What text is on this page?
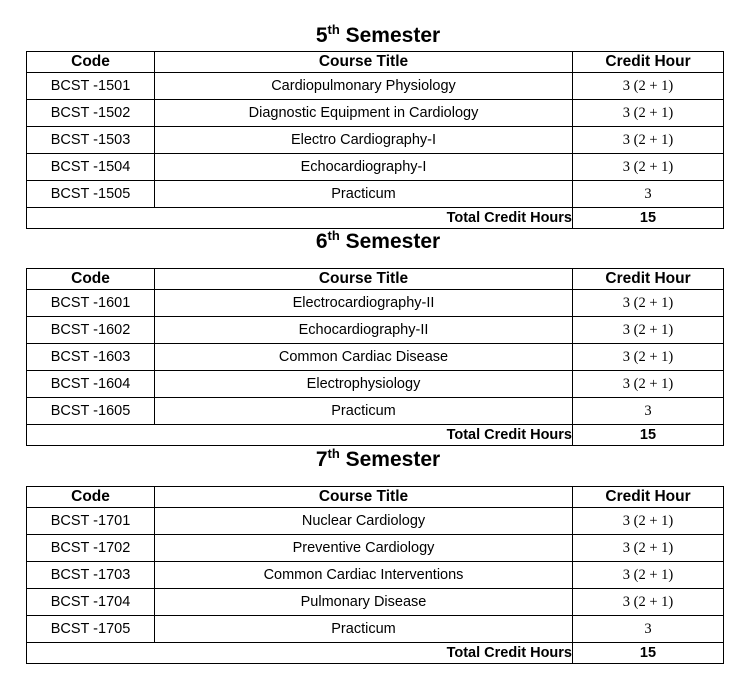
5th Semester
Code	Course Title	Credit Hour
BCST -1501	Cardiopulmonary Physiology	3 (2 + 1)
BCST -1502	Diagnostic Equipment in Cardiology	3 (2 + 1)
BCST -1503	Electro Cardiography-I	3 (2 + 1)
BCST -1504	Echocardiography-I	3 (2 + 1)
BCST -1505	Practicum	3
Total Credit Hours		15
6th Semester
Code	Course Title	Credit Hour
BCST -1601	Electrocardiography-II	3 (2 + 1)
BCST -1602	Echocardiography-II	3 (2 + 1)
BCST -1603	Common Cardiac Disease	3 (2 + 1)
BCST -1604	Electrophysiology	3 (2 + 1)
BCST -1605	Practicum	3
Total Credit Hours		15
7th Semester
Code	Course Title	Credit Hour
BCST -1701	Nuclear Cardiology	3 (2 + 1)
BCST -1702	Preventive Cardiology	3 (2 + 1)
BCST -1703	Common Cardiac Interventions	3 (2 + 1)
BCST -1704	Pulmonary Disease	3 (2 + 1)
BCST -1705	Practicum	3
Total Credit Hours		15
